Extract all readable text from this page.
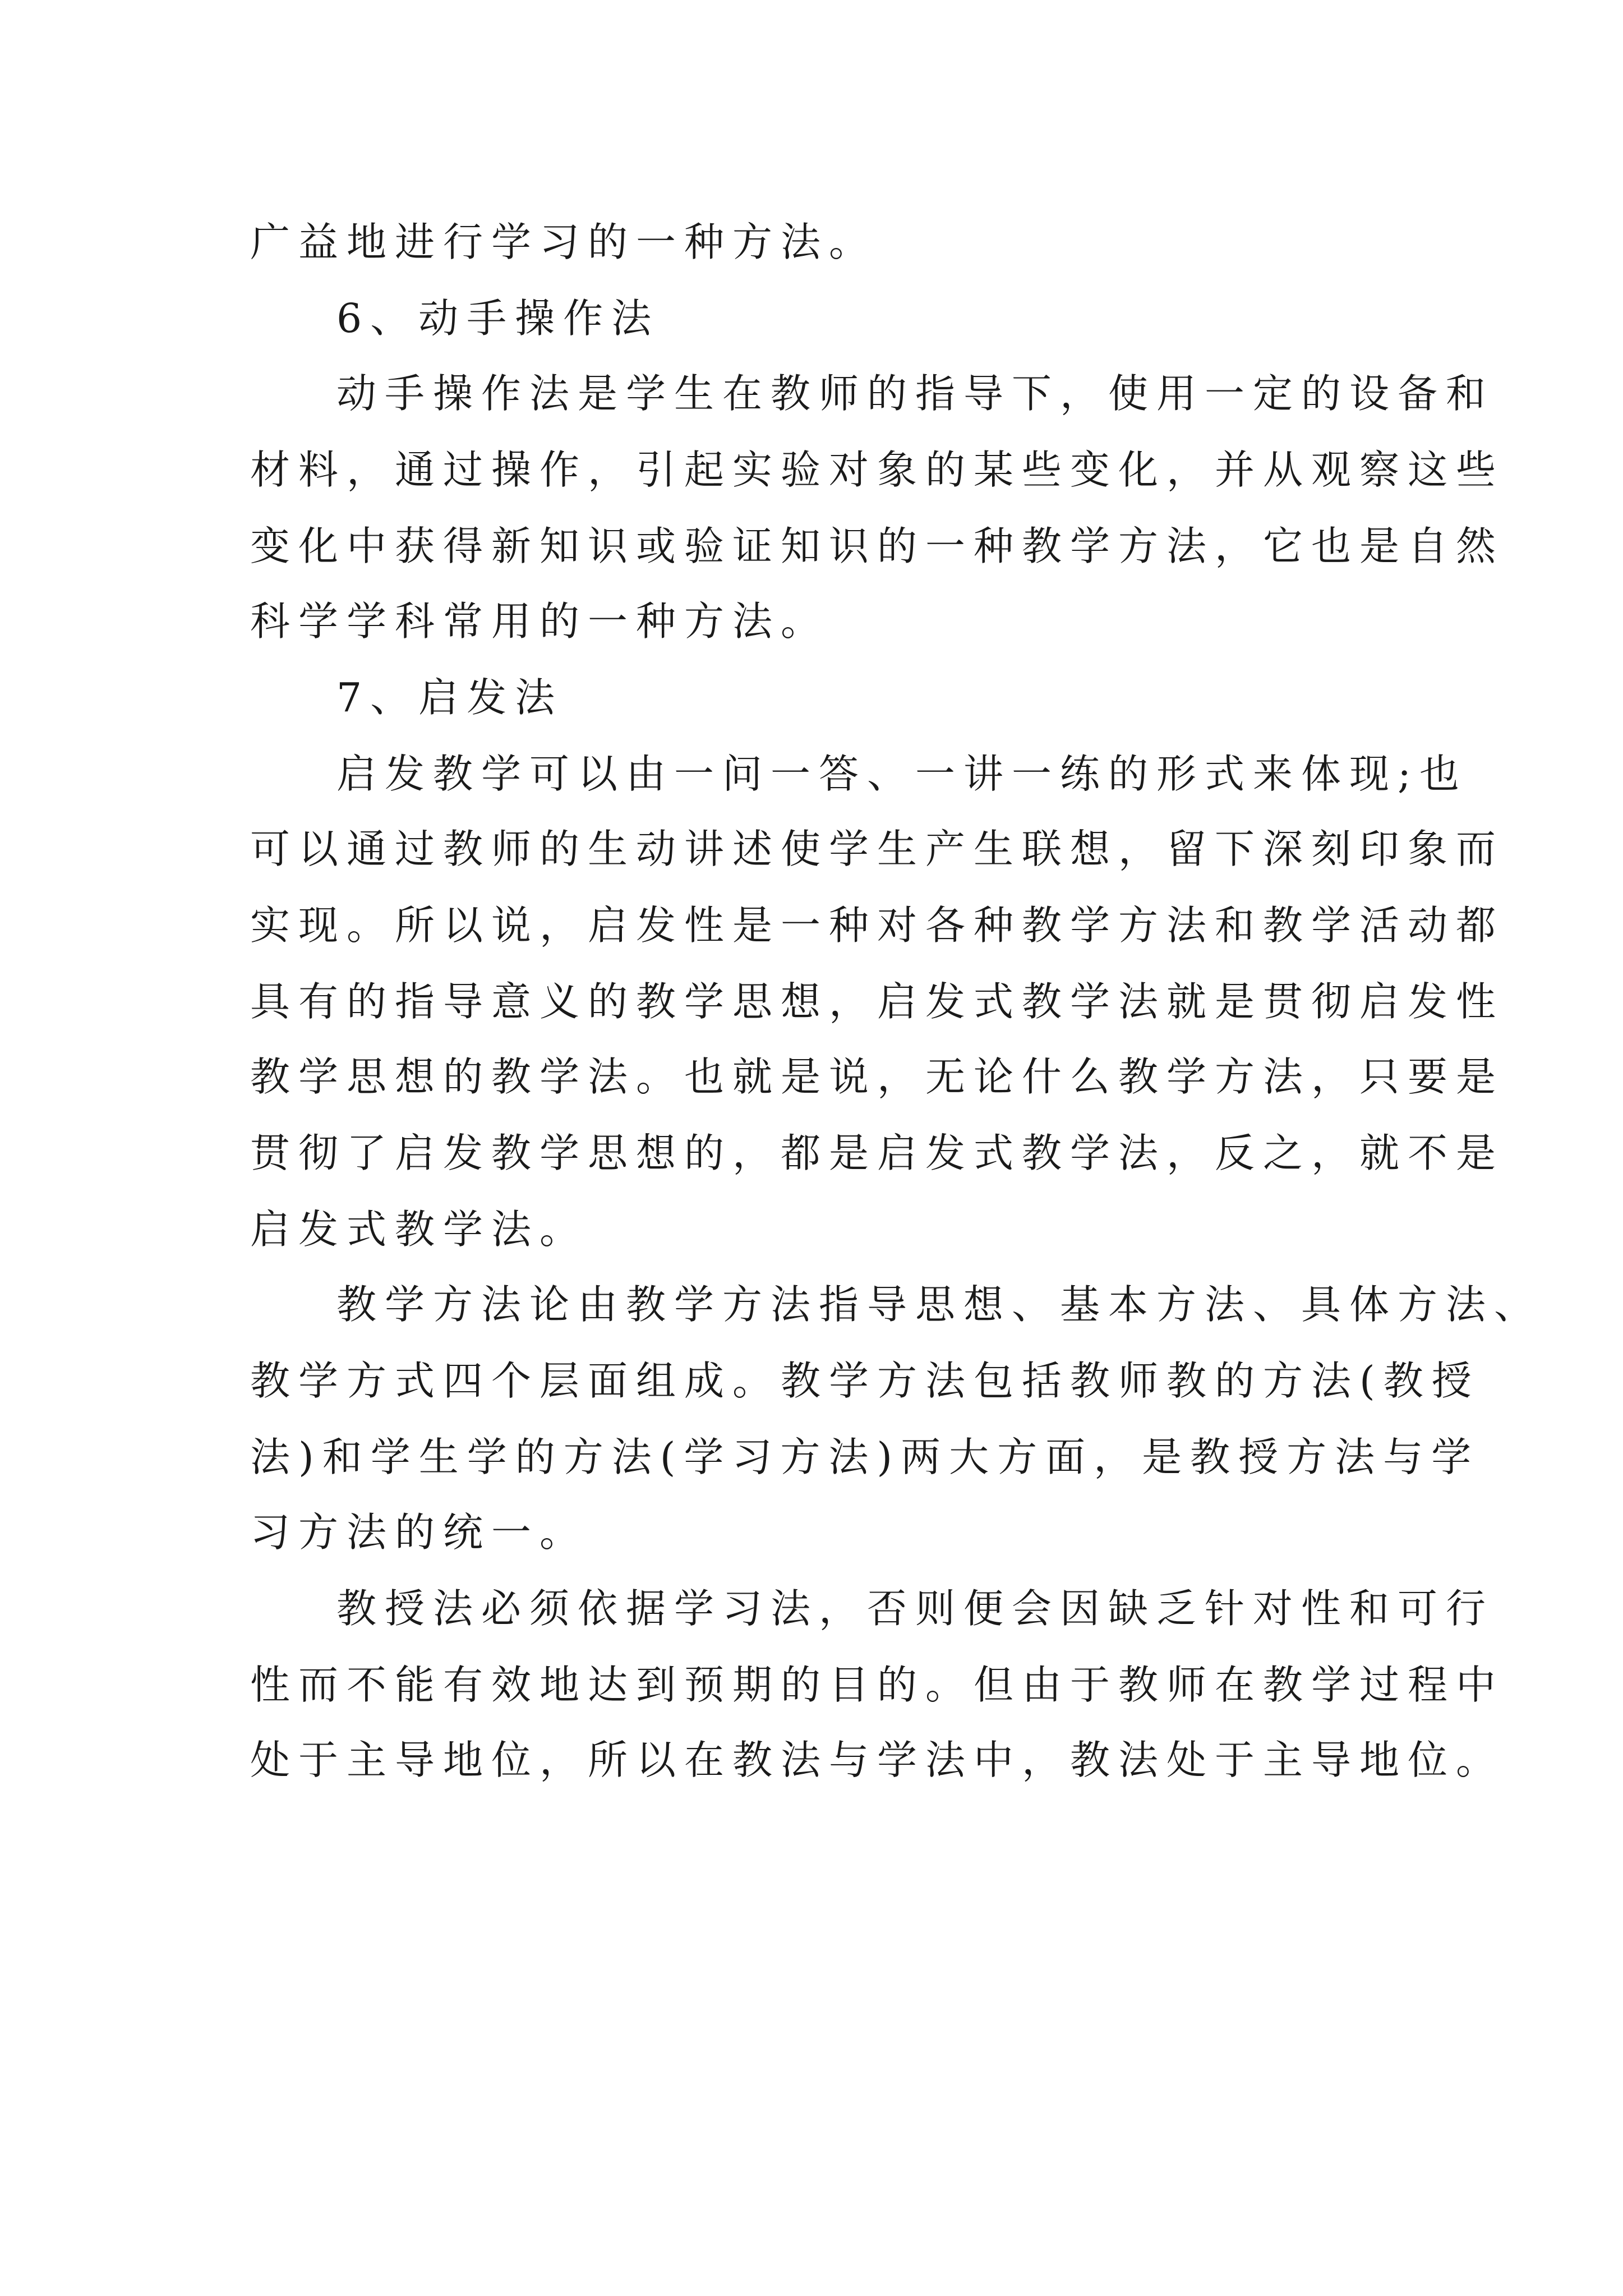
广益地进行学习的一种方法。
6、动手操作法
动手操作法是学生在教师的指导下，使用一定的设备和
材料，通过操作，引起实验对象的某些变化，并从观察这些
变化中获得新知识或验证知识的一种教学方法，它也是自然
科学学科常用的一种方法。
7、启发法
启发教学可以由一问一答、一讲一练的形式来体现;也
可以通过教师的生动讲述使学生产生联想，留下深刻印象而
实现。所以说，启发性是一种对各种教学方法和教学活动都
具有的指导意义的教学思想，启发式教学法就是贯彻启发性
教学思想的教学法。也就是说，无论什么教学方法，只要是
贯彻了启发教学思想的，都是启发式教学法，反之，就不是
启发式教学法。
教学方法论由教学方法指导思想、基本方法、具体方法、
教学方式四个层面组成。教学方法包括教师教的方法(教授
法)和学生学的方法(学习方法)两大方面，是教授方法与学
习方法的统一。
教授法必须依据学习法，否则便会因缺乏针对性和可行
性而不能有效地达到预期的目的。但由于教师在教学过程中
处于主导地位，所以在教法与学法中，教法处于主导地位。
